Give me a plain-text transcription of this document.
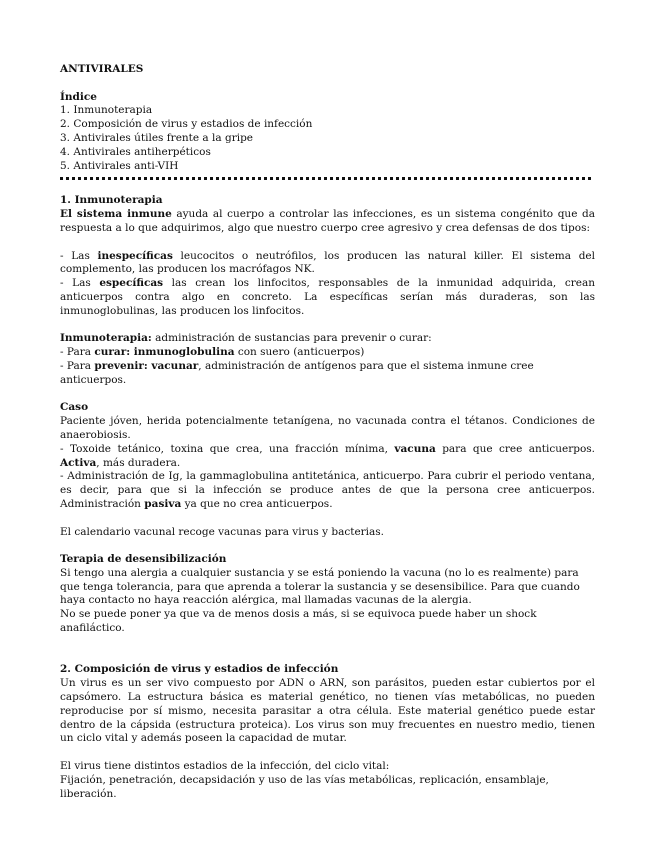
ANTIVIRALES

Índice

1. Inmunoterapia

2. Composición de virus y estadios de infección

3. Antivirales útiles frente a la gripe

4. Antivirales antiherpéticos

5. Antivirales anti-VIH

1. Inmunoterapia

El sistema inmune ayuda al cuerpo a controlar las infecciones, es un sistema congénito que da respuesta a lo que adquirimos, algo que nuestro cuerpo cree agresivo y crea defensas de dos tipos:

- Las inespecíficas leucocitos o neutrófilos, los producen las natural killer. El sistema del complemento, las producen los macrófagos NK.

- Las específicas las crean los linfocitos, responsables de la inmunidad adquirida, crean anticuerpos contra algo en concreto. La específicas serían más duraderas, son las inmunoglobulinas, las producen los linfocitos.

Inmunoterapia: administración de sustancias para prevenir o curar:

- Para curar: inmunoglobulina con suero (anticuerpos)

- Para prevenir: vacunar, administración de antígenos para que el sistema inmune cree anticuerpos.

Caso

Paciente jóven, herida potencialmente tetanígena, no vacunada contra el tétanos. Condiciones de anaerobiosis.

- Toxoide tetánico, toxina que crea, una fracción mínima, vacuna para que cree anticuerpos. Activa, más duradera.

- Administración de Ig, la gammaglobulina antitetánica, anticuerpo. Para cubrir el periodo ventana, es decir, para que si la infección se produce antes de que la persona cree anticuerpos. Administración pasiva ya que no crea anticuerpos.

El calendario vacunal recoge vacunas para virus y bacterias.

Terapia de desensibilización

Si tengo una alergia a cualquier sustancia y se está poniendo la vacuna (no lo es realmente) para que tenga tolerancia, para que aprenda a tolerar la sustancia y se desensibilice. Para que cuando haya contacto no haya reacción alérgica, mal llamadas vacunas de la alergia.

No se puede poner ya que va de menos dosis a más, si se equivoca puede haber un shock anafiláctico.

2. Composición de virus y estadios de infección

Un virus es un ser vivo compuesto por ADN o ARN, son parásitos, pueden estar cubiertos por el capsómero. La estructura básica es material genético, no tienen vías metabólicas, no pueden reproducise por sí mismo, necesita parasitar a otra célula. Este material genético puede estar dentro de la cápsida (estructura proteica). Los virus son muy frecuentes en nuestro medio, tienen un ciclo vital y además poseen la capacidad de mutar.

El virus tiene distintos estadios de la infección, del ciclo vital:

Fijación, penetración, decapsidación y uso de las vías metabólicas, replicación, ensamblaje, liberación.
